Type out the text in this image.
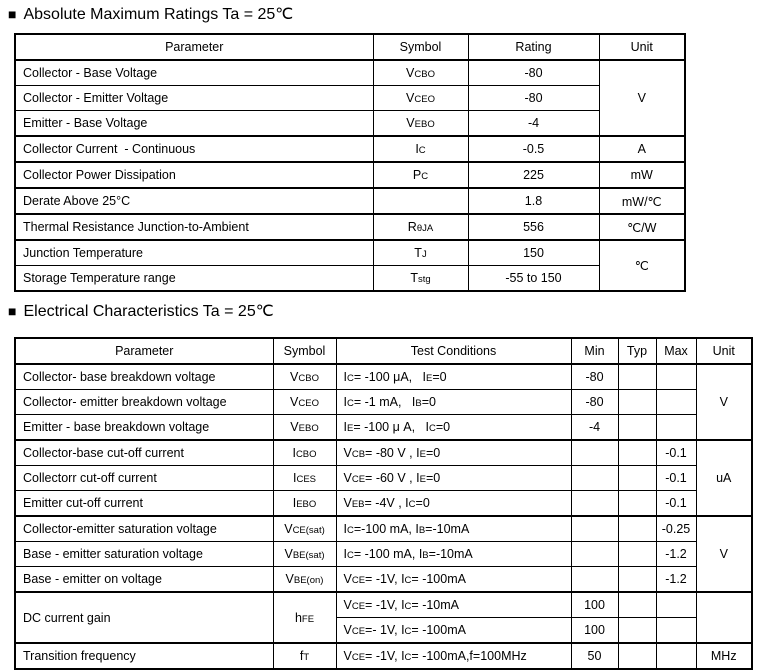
■ Absolute Maximum Ratings Ta = 25℃
Parameter	Symbol	Rating	Unit
Collector - Base Voltage	VCBO	-80	V
Collector - Emitter Voltage	VCEO	-80	
Emitter - Base Voltage	VEBO	-4	
Collector Current  - Continuous	IC	-0.5	A
Collector Power Dissipation	PC	225	mW
Derate Above 25°C		1.8	mW/℃
Thermal Resistance Junction-to-Ambient	RθJA	556	℃/W
Junction Temperature	TJ	150	℃
Storage Temperature range	Tstg	-55 to 150	
■ Electrical Characteristics Ta = 25℃
Parameter	Symbol	Test Conditions	Min	Typ	Max	Unit
Collector- base breakdown voltage	VCBO	IC= -100 μA,   IE=0	-80			V
Collector- emitter breakdown voltage	VCEO	IC= -1 mA,   IB=0	-80			
Emitter - base breakdown voltage	VEBO	IE= -100 μ A,   IC=0	-4			
Collector-base cut-off current	ICBO	VCB= -80 V , IE=0			-0.1	uA
Collectorr cut-off current	ICES	VCE= -60 V , IE=0			-0.1	
Emitter cut-off current	IEBO	VEB= -4V , IC=0			-0.1	
Collector-emitter saturation voltage	VCE(sat)	IC=-100 mA, IB=-10mA			-0.25	V
Base - emitter saturation voltage	VBE(sat)	IC= -100 mA, IB=-10mA			-1.2	
Base - emitter on voltage	VBE(on)	VCE= -1V, IC= -100mA			-1.2	
DC current gain	hFE	VCE= -1V, IC= -10mA	100			
		VCE=- 1V, IC= -100mA	100			
Transition frequency	fT	VCE= -1V, IC= -100mA,f=100MHz	50			MHz
